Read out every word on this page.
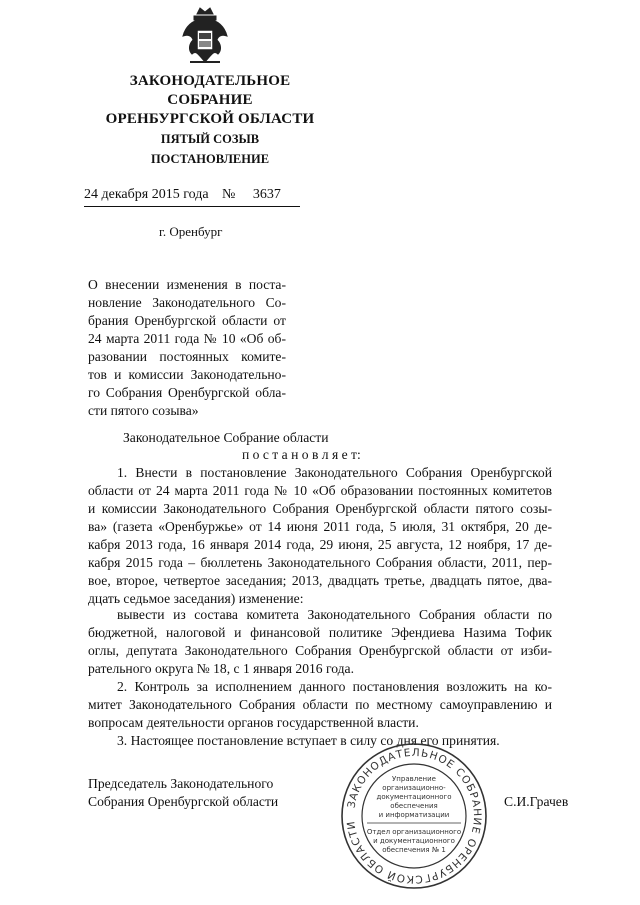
ЗАКОНОДАТЕЛЬНОЕ
СОБРАНИЕ
ОРЕНБУРГСКОЙ ОБЛАСТИ
ПЯТЫЙ СОЗЫВ
ПОСТАНОВЛЕНИЕ
24 декабря 2015 года № 3637
г. Оренбург
О внесении изменения в поста-
новление Законодательного Со-
брания Оренбургской области от
24 марта 2011 года № 10 «Об об-
разовании постоянных комите-
тов и комиссии Законодательно-
го Собрания Оренбургской обла-
сти пятого созыва»
Законодательное Собрание области
п о с т а н о в л я е т:
1. Внести в постановление Законодательного Собрания Оренбургской
области от 24 марта 2011 года № 10 «Об образовании постоянных комитетов
и комиссии Законодательного Собрания Оренбургской области пятого созы-
ва» (газета «Оренбуржье» от 14 июня 2011 года, 5 июля, 31 октября, 20 де-
кабря 2013 года, 16 января 2014 года, 29 июня, 25 августа, 12 ноября, 17 де-
кабря 2015 года – бюллетень Законодательного Собрания области, 2011, пер-
вое, второе, четвертое заседания; 2013, двадцать третье, двадцать пятое, два-
дцать седьмое заседания) изменение:
вывести из состава комитета Законодательного Собрания области по
бюджетной, налоговой и финансовой политике Эфендиева Назима Тофик
оглы, депутата Законодательного Собрания Оренбургской области от изби-
рательного округа № 18, с 1 января 2016 года.
2. Контроль за исполнением данного постановления возложить на ко-
митет Законодательного Собрания области по местному самоуправлению и
вопросам деятельности органов государственной власти.
3. Настоящее постановление вступает в силу со дня его принятия.
Председатель Законодательного
Собрания Оренбургской области	С.И.Грачев
ЗАКОНОДАТЕЛЬНОЕ СОБРАНИЕ ОРЕНБУРГСКОЙ ОБЛАСТИ
Управление
организационно-
документационного
обеспечения
и информатизации
Отдел организационного
и документационного
обеспечения № 1
